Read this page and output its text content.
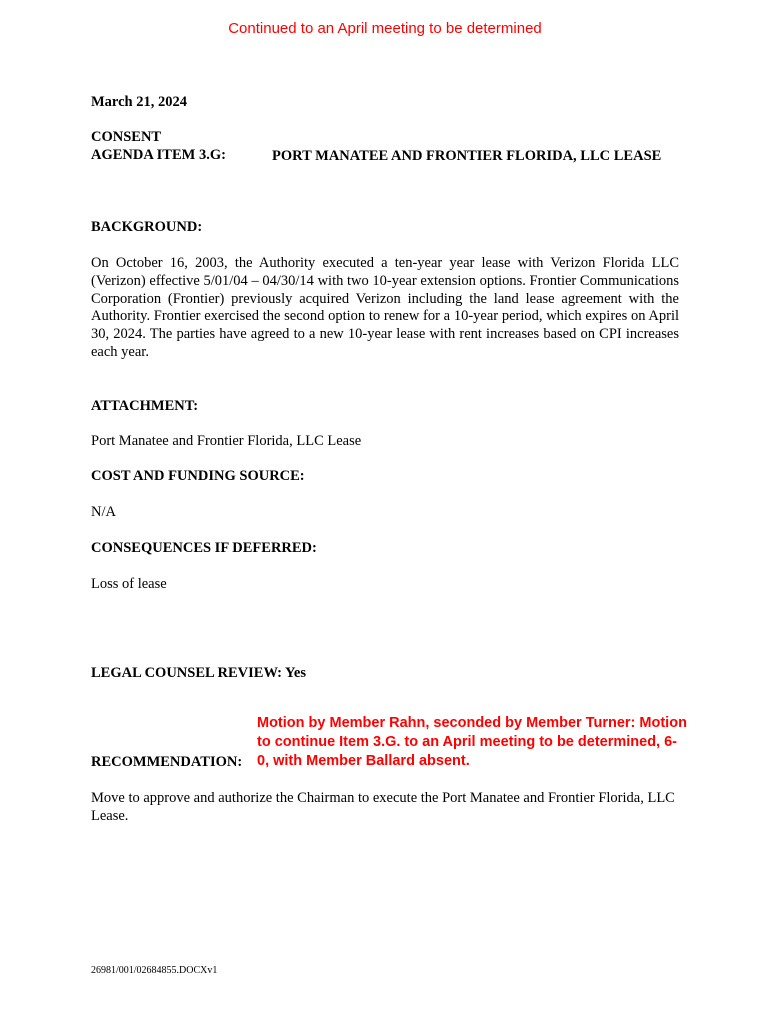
Continued to an April meeting to be determined

March 21, 2024

CONSENT

AGENDA ITEM 3.G:	PORT MANATEE AND FRONTIER FLORIDA, LLC LEASE

BACKGROUND:

On October 16, 2003, the Authority executed a ten-year year lease with Verizon Florida LLC (Verizon) effective 5/01/04 – 04/30/14 with two 10-year extension options. Frontier Communications Corporation (Frontier) previously acquired Verizon including the land lease agreement with the Authority. Frontier exercised the second option to renew for a 10-year period, which expires on April 30, 2024. The parties have agreed to a new 10-year lease with rent increases based on CPI increases each year.

ATTACHMENT:

Port Manatee and Frontier Florida, LLC Lease

COST AND FUNDING SOURCE:

N/A

CONSEQUENCES IF DEFERRED:

Loss of lease

LEGAL COUNSEL REVIEW: Yes

Motion by Member Rahn, seconded by Member Turner: Motion to continue Item 3.G. to an April meeting to be determined, 6-0, with Member Ballard absent.

RECOMMENDATION:

Move to approve and authorize the Chairman to execute the Port Manatee and Frontier Florida, LLC Lease.

26981/001/02684855.DOCXv1
